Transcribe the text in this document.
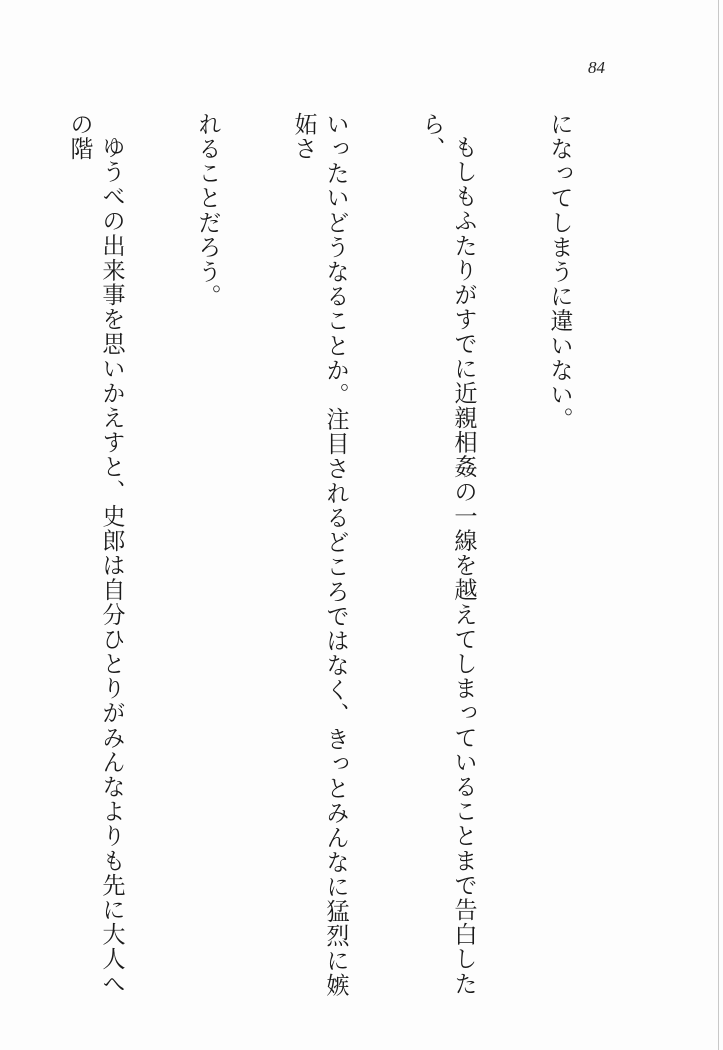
84

になってしまうに違いない。

もしもふたりがすでに近親相姦の一線を越えてしまっていることまで告白したら、

いったいどうなることか。注目されるどころではなく、きっとみんなに猛烈に嫉妬さ

れることだろう。

ゆうべの出来事を思いかえすと、史郎は自分ひとりがみんなよりも先に大人への階
